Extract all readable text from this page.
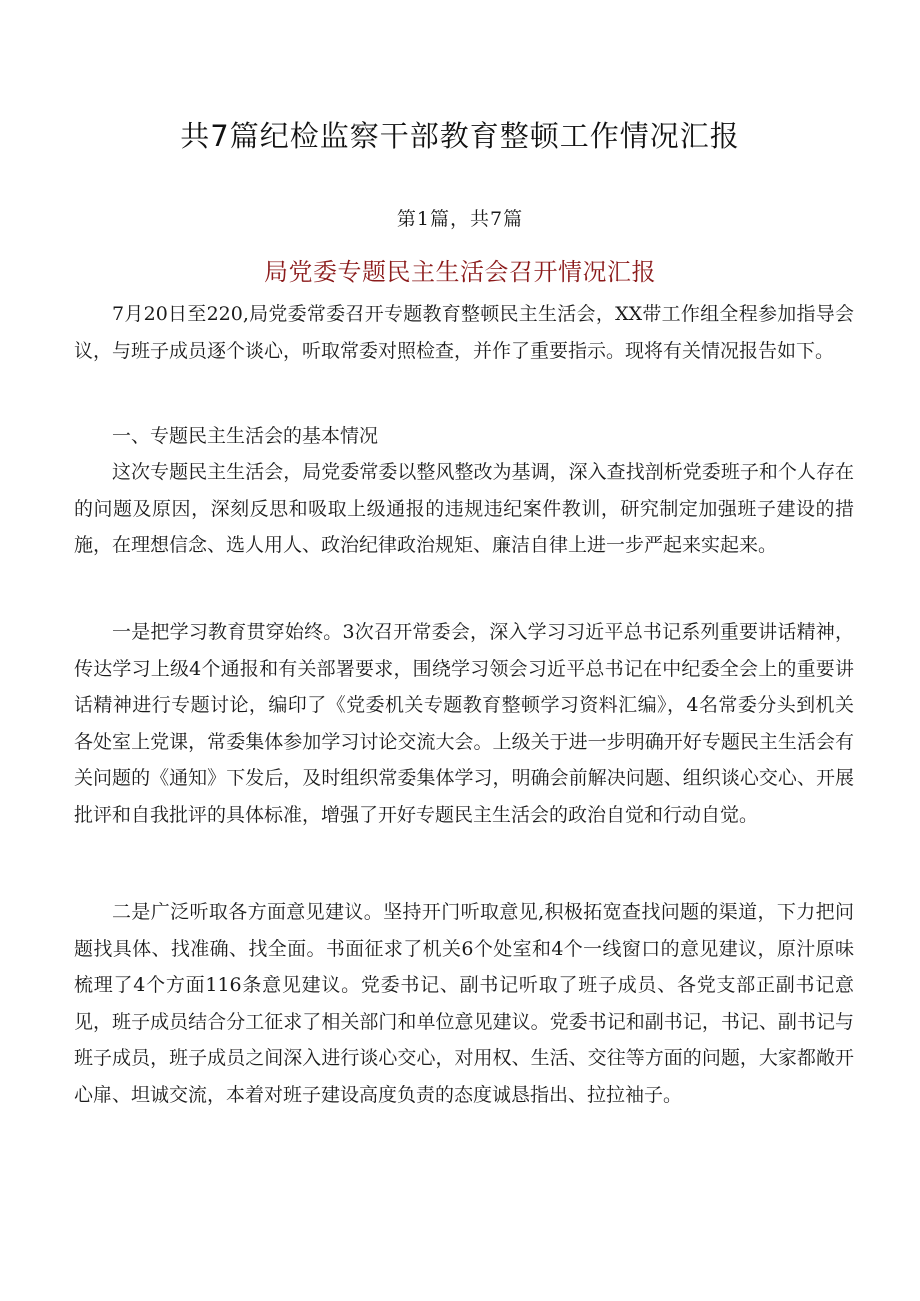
共7篇纪检监察干部教育整顿工作情况汇报
第1篇，共7篇
局党委专题民主生活会召开情况汇报

7月20日至220,局党委常委召开专题教育整顿民主生活会，XX带工作组全程参加指导会议，与班子成员逐个谈心，听取常委对照检查，并作了重要指示。现将有关情况报告如下。

一、专题民主生活会的基本情况

这次专题民主生活会，局党委常委以整风整改为基调，深入查找剖析党委班子和个人存在的问题及原因，深刻反思和吸取上级通报的违规违纪案件教训，研究制定加强班子建设的措施，在理想信念、选人用人、政治纪律政治规矩、廉洁自律上进一步严起来实起来。

一是把学习教育贯穿始终。3次召开常委会，深入学习习近平总书记系列重要讲话精神，传达学习上级4个通报和有关部署要求，围绕学习领会习近平总书记在中纪委全会上的重要讲话精神进行专题讨论，编印了《党委机关专题教育整顿学习资料汇编》，4名常委分头到机关各处室上党课，常委集体参加学习讨论交流大会。上级关于进一步明确开好专题民主生活会有关问题的《通知》下发后，及时组织常委集体学习，明确会前解决问题、组织谈心交心、开展批评和自我批评的具体标准，增强了开好专题民主生活会的政治自觉和行动自觉。

二是广泛听取各方面意见建议。坚持开门听取意见,积极拓宽查找问题的渠道，下力把问题找具体、找准确、找全面。书面征求了机关6个处室和4个一线窗口的意见建议，原汁原味梳理了4个方面116条意见建议。党委书记、副书记听取了班子成员、各党支部正副书记意见，班子成员结合分工征求了相关部门和单位意见建议。党委书记和副书记，书记、副书记与班子成员，班子成员之间深入进行谈心交心，对用权、生活、交往等方面的问题，大家都敞开心扉、坦诚交流，本着对班子建设高度负责的态度诚恳指出、拉拉袖子。
